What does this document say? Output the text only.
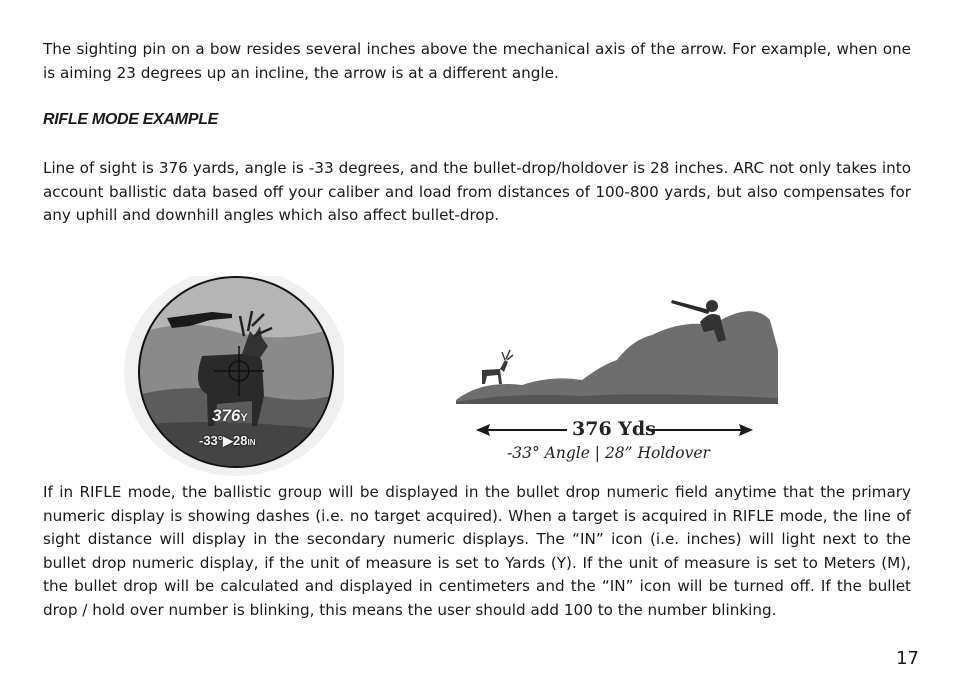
The sighting pin on a bow resides several inches above the mechanical axis of the arrow. For example, when one is aiming 23 degrees up an incline, the arrow is at a different angle.

RIFLE MODE EXAMPLE

Line of sight is 376 yards, angle is -33 degrees, and the bullet-drop/holdover is 28 inches. ARC not only takes into account ballistic data based off your caliber and load from distances of 100-800 yards, but also compensates for any uphill and downhill angles which also affect bullet-drop.

376Y
-33°▶28IN
376 Yds
-33° Angle | 28” Holdover

If in RIFLE mode, the ballistic group will be displayed in the bullet drop numeric field anytime that the primary numeric display is showing dashes (i.e. no target acquired). When a target is acquired in RIFLE mode, the line of sight distance will display in the secondary numeric displays. The “IN” icon (i.e. inches) will light next to the bullet drop numeric display, if the unit of measure is set to Yards (Y). If the unit of measure is set to Meters (M), the bullet drop will be calculated and displayed in centimeters and the “IN” icon will be turned off. If the bullet drop / hold over number is blinking, this means the user should add 100 to the number blinking.

17
